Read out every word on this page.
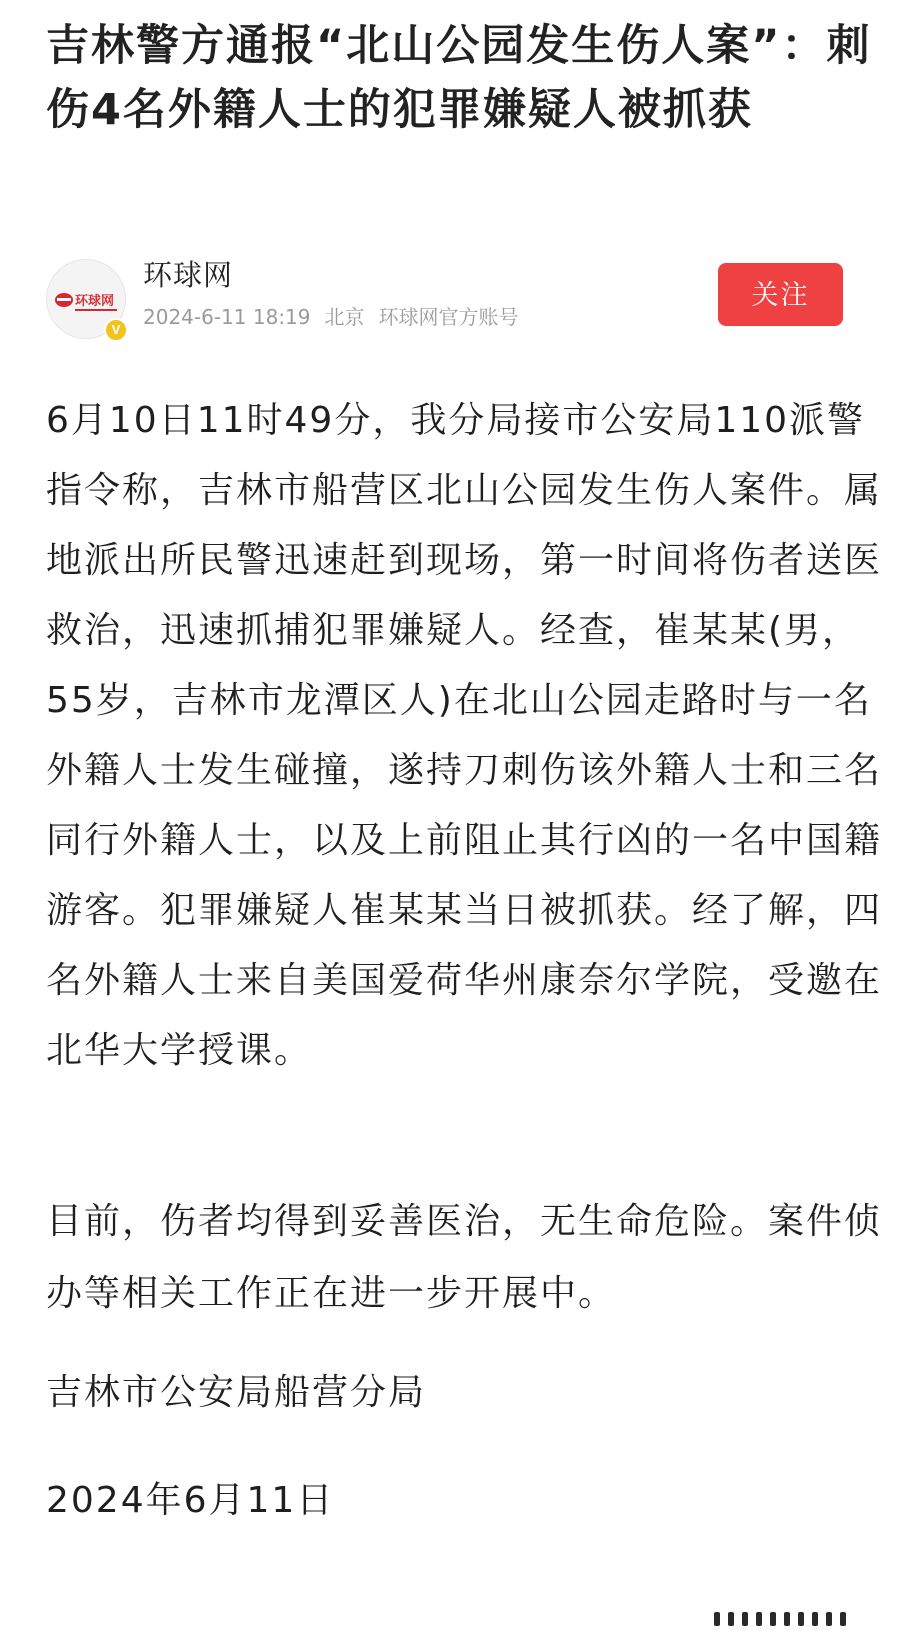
吉林警方通报“北山公园发生伤人案”：刺伤4名外籍人士的犯罪嫌疑人被抓获
环球网
V
环球网
2024-6-11 18:19 北京 环球网官方账号
关注

6月10日11时49分，我分局接市公安局110派警指令称，吉林市船营区北山公园发生伤人案件。属地派出所民警迅速赶到现场，第一时间将伤者送医救治，迅速抓捕犯罪嫌疑人。经查，崔某某(男，55岁，吉林市龙潭区人)在北山公园走路时与一名外籍人士发生碰撞，遂持刀刺伤该外籍人士和三名同行外籍人士，以及上前阻止其行凶的一名中国籍游客。犯罪嫌疑人崔某某当日被抓获。经了解，四名外籍人士来自美国爱荷华州康奈尔学院，受邀在北华大学授课。

目前，伤者均得到妥善医治，无生命危险。案件侦办等相关工作正在进一步开展中。

吉林市公安局船营分局

2024年6月11日
